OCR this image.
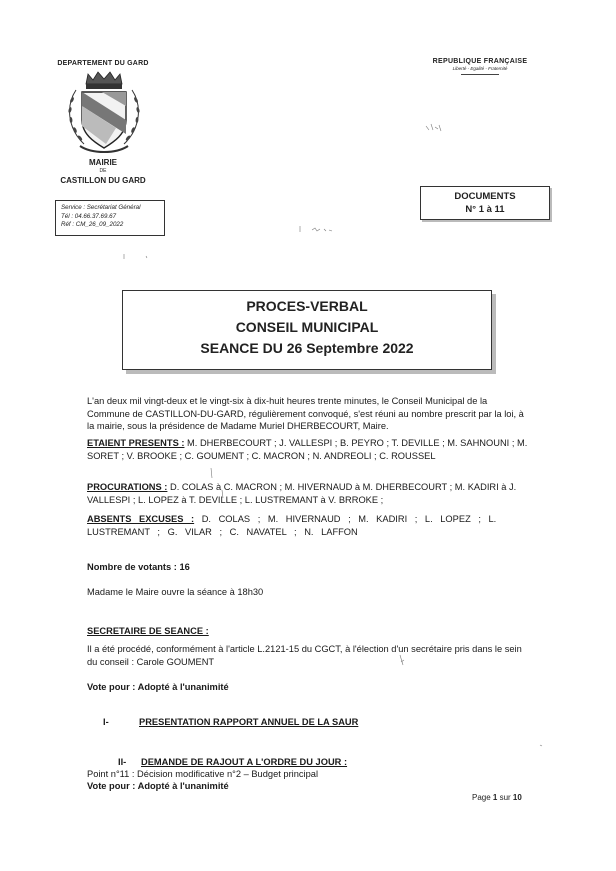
DEPARTEMENT DU GARD
MAIRIE
DE
CASTILLON DU GARD
REPUBLIQUE FRANÇAISE
Liberté - Egalité - Fraternité
Service : Secrétariat Général
Tél : 04.66.37.69.67
Réf : CM_26_09_2022
DOCUMENTS
N° 1 à 11
PROCES-VERBAL
CONSEIL MUNICIPAL
SEANCE DU 26 Septembre 2022
L'an deux mil vingt-deux et le vingt-six à dix-huit heures trente minutes, le Conseil Municipal de la Commune de CASTILLON-DU-GARD, régulièrement convoqué, s'est réuni au nombre prescrit par la loi, à la mairie, sous la présidence de Madame Muriel DHERBECOURT, Maire.
ETAIENT PRESENTS : M. DHERBECOURT ; J. VALLESPI ; B. PEYRO ; T. DEVILLE ; M. SAHNOUNI ; M. SORET ; V. BROOKE ; C. GOUMENT ; C. MACRON ; N. ANDREOLI ; C. ROUSSEL
PROCURATIONS : D. COLAS à C. MACRON ; M. HIVERNAUD à M. DHERBECOURT ; M. KADIRI à J. VALLESPI ; L. LOPEZ à T. DEVILLE ; L. LUSTREMANT à V. BRROKE ;
ABSENTS EXCUSES : D. COLAS ; M. HIVERNAUD ; M. KADIRI ; L. LOPEZ ; L. LUSTREMANT ; G. VILAR ; C. NAVATEL ; N. LAFFON
Nombre de votants : 16
Madame le Maire ouvre la séance à 18h30
SECRETAIRE DE SEANCE :
Il a été procédé, conformément à l'article L.2121-15 du CGCT, à l'élection d'un secrétaire pris dans le sein du conseil : Carole GOUMENT
Vote pour : Adopté à l'unanimité
I-	PRESENTATION RAPPORT ANNUEL DE LA SAUR
II- DEMANDE DE RAJOUT A L'ORDRE DU JOUR :
Point n°11 : Décision modificative n°2 – Budget principal
Vote pour : Adopté à l'unanimité
Page 1 sur 10
